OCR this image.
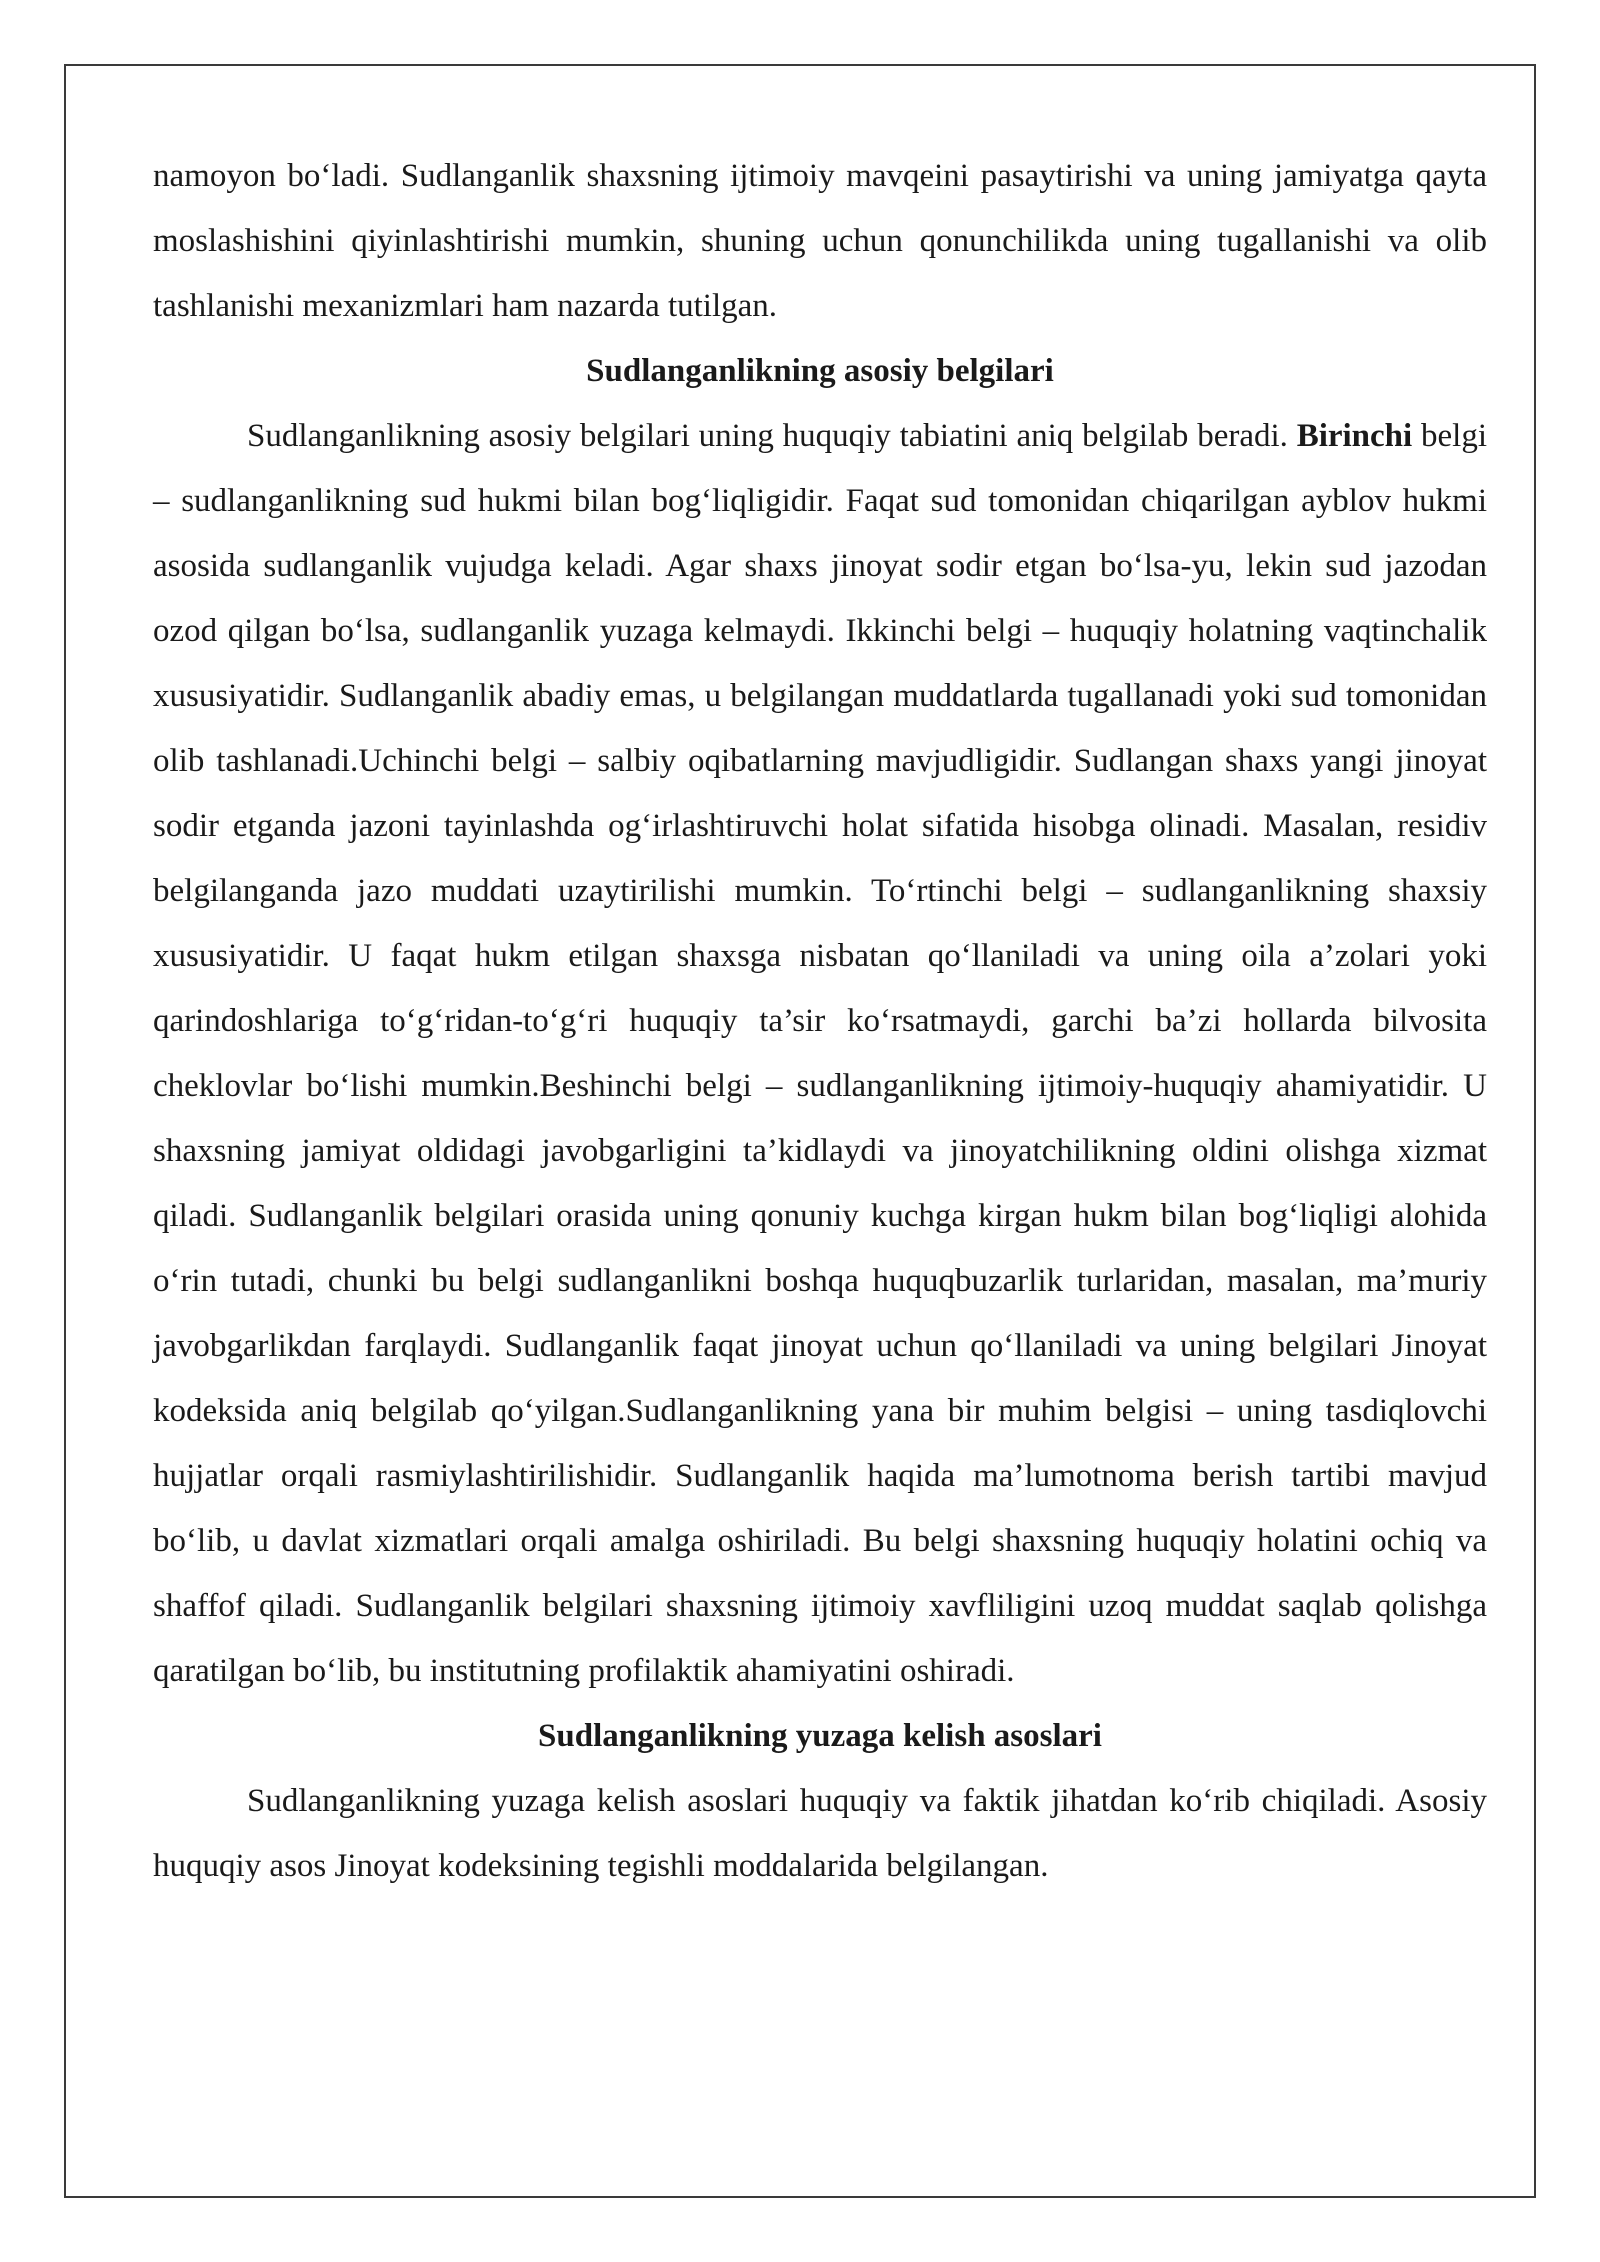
namoyon bo‘ladi. Sudlanganlik shaxsning ijtimoiy mavqeini pasaytirishi va uning jamiyatga qayta moslashishini qiyinlashtirishi mumkin, shuning uchun qonunchilikda uning tugallanishi va olib tashlanishi mexanizmlari ham nazarda tutilgan.

Sudlanganlikning asosiy belgilari

Sudlanganlikning asosiy belgilari uning huquqiy tabiatini aniq belgilab beradi. Birinchi belgi – sudlanganlikning sud hukmi bilan bog‘liqligidir. Faqat sud tomonidan chiqarilgan ayblov hukmi asosida sudlanganlik vujudga keladi. Agar shaxs jinoyat sodir etgan bo‘lsa-yu, lekin sud jazodan ozod qilgan bo‘lsa, sudlanganlik yuzaga kelmaydi. Ikkinchi belgi – huquqiy holatning vaqtinchalik xususiyatidir. Sudlanganlik abadiy emas, u belgilangan muddatlarda tugallanadi yoki sud tomonidan olib tashlanadi.Uchinchi belgi – salbiy oqibatlarning mavjudligidir. Sudlangan shaxs yangi jinoyat sodir etganda jazoni tayinlashda og‘irlashtiruvchi holat sifatida hisobga olinadi. Masalan, residiv belgilanganda jazo muddati uzaytirilishi mumkin. To‘rtinchi belgi – sudlanganlikning shaxsiy xususiyatidir. U faqat hukm etilgan shaxsga nisbatan qo‘llaniladi va uning oila a’zolari yoki qarindoshlariga to‘g‘ridan-to‘g‘ri huquqiy ta’sir ko‘rsatmaydi, garchi ba’zi hollarda bilvosita cheklovlar bo‘lishi mumkin.Beshinchi belgi – sudlanganlikning ijtimoiy-huquqiy ahamiyatidir. U shaxsning jamiyat oldidagi javobgarligini ta’kidlaydi va jinoyatchilikning oldini olishga xizmat qiladi. Sudlanganlik belgilari orasida uning qonuniy kuchga kirgan hukm bilan bog‘liqligi alohida o‘rin tutadi, chunki bu belgi sudlanganlikni boshqa huquqbuzarlik turlaridan, masalan, ma’muriy javobgarlikdan farqlaydi. Sudlanganlik faqat jinoyat uchun qo‘llaniladi va uning belgilari Jinoyat kodeksida aniq belgilab qo‘yilgan.Sudlanganlikning yana bir muhim belgisi – uning tasdiqlovchi hujjatlar orqali rasmiylashtirilishidir. Sudlanganlik haqida ma’lumotnoma berish tartibi mavjud bo‘lib, u davlat xizmatlari orqali amalga oshiriladi. Bu belgi shaxsning huquqiy holatini ochiq va shaffof qiladi. Sudlanganlik belgilari shaxsning ijtimoiy xavfliligini uzoq muddat saqlab qolishga qaratilgan bo‘lib, bu institutning profilaktik ahamiyatini oshiradi.

Sudlanganlikning yuzaga kelish asoslari

Sudlanganlikning yuzaga kelish asoslari huquqiy va faktik jihatdan ko‘rib chiqiladi. Asosiy huquqiy asos Jinoyat kodeksining tegishli moddalarida belgilangan.
